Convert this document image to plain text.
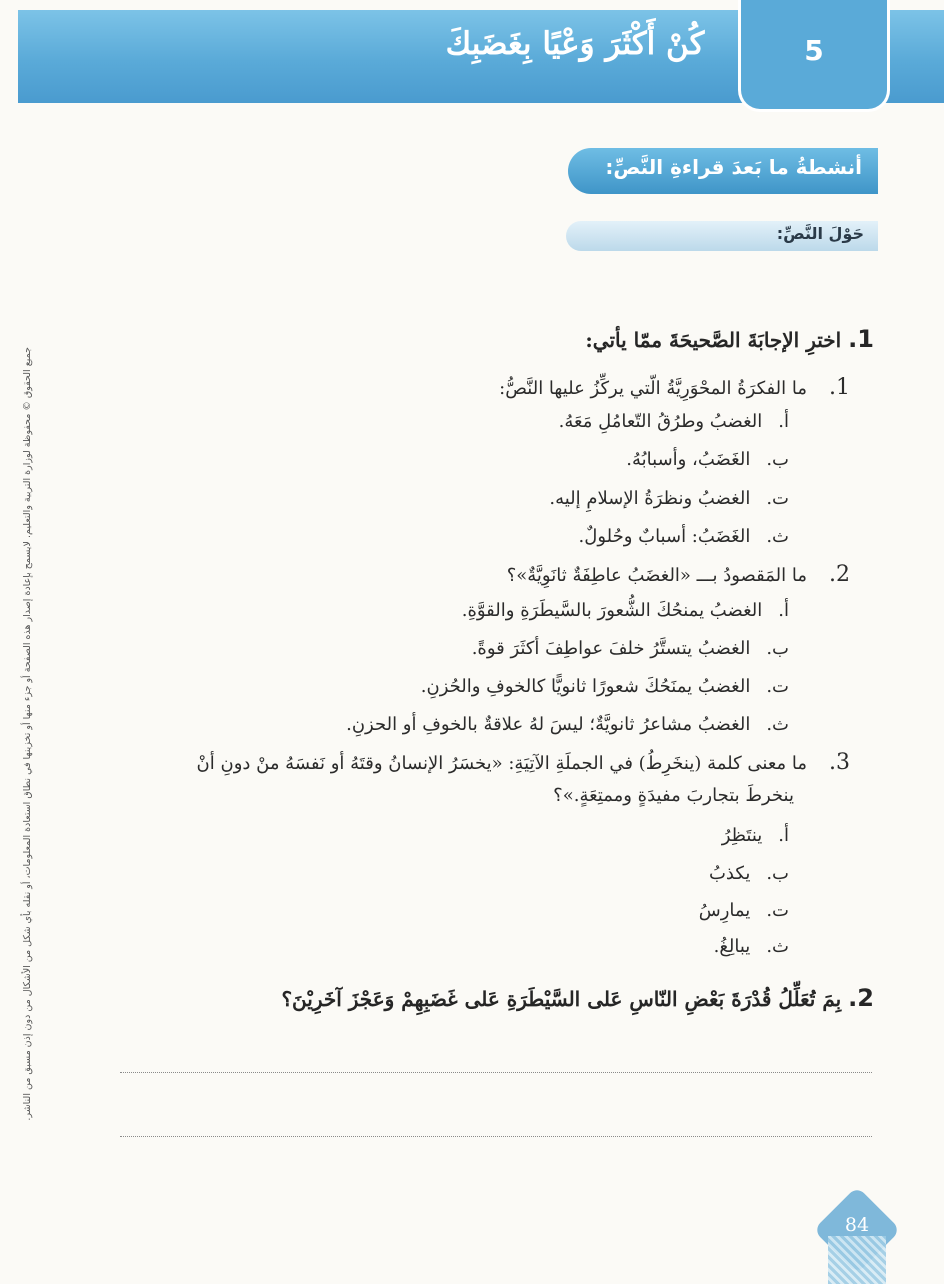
كُنْ أَكْثَرَ وَعْيًا بِغَضَبِكَ	5
أنشطةُ ما بَعدَ قراءةِ النَّصِّ:
حَوْلَ النَّصِّ:
جميع الحقوق © محفوظة لوزارة التربية والتعليم. لايسمح بإعادة إصدار هذه الصفحة أو جزء منها أو تخزينها في نطاق استعادة المعلومات، أو نقله بأي شكل من الأشكال من دون إذن مسبق من الناشر.
1. اخترِ الإجابَةَ الصَّحيحَةَ ممّا يأتي:
1.ما الفكرَةُ المحْوَرِيَّةُ الّتي يركِّزُ عليها النَّصُّ:
أ.الغضبُ وطرُقُ التّعامُلِ مَعَهُ.
ب.الغَضَبُ، وأسبابُهُ.
ت.الغضبُ ونظرَةُ الإسلامِ إليه.
ث.الغَضَبُ: أسبابٌ وحُلولٌ.
2.ما المَقصودُ بـــ «الغضَبُ عاطِفَةٌ ثانَوِيَّةٌ»؟
أ.الغضبُ يمنحُكَ الشُّعورَ بالسَّيطَرَةِ والقوَّةِ.
ب.الغضبُ يتستَّرُ خلفَ عواطِفَ أكثَرَ قوةً.
ت.الغضبُ يمنَحُكَ شعورًا ثانويًّا كالخوفِ والحُزنِ.
ث.الغضبُ مشاعرُ ثانويَّةٌ؛ ليسَ لهُ علاقةٌ بالخوفِ أو الحزنِ.
3.ما معنى كلمة (ينخَرِطُ) في الجملَةِ الآتِيَةِ: «يخسَرُ الإنسانُ وقتَهُ أو نَفسَهُ منْ دونِ أنْ
ينخرطَ بتجاربَ مفيدَةٍ وممتِعَةٍ.»؟
أ.ينتَظِرُ
ب.يكذبُ
ت.يمارِسُ
ث.يبالِغُ.
2. بِمَ تُعَلِّلُ قُدْرَةَ بَعْضِ النّاسِ عَلى السَّيْطَرَةِ عَلى غَضَبِهِمْ وَعَجْزَ آخَرِيْنَ؟
84
